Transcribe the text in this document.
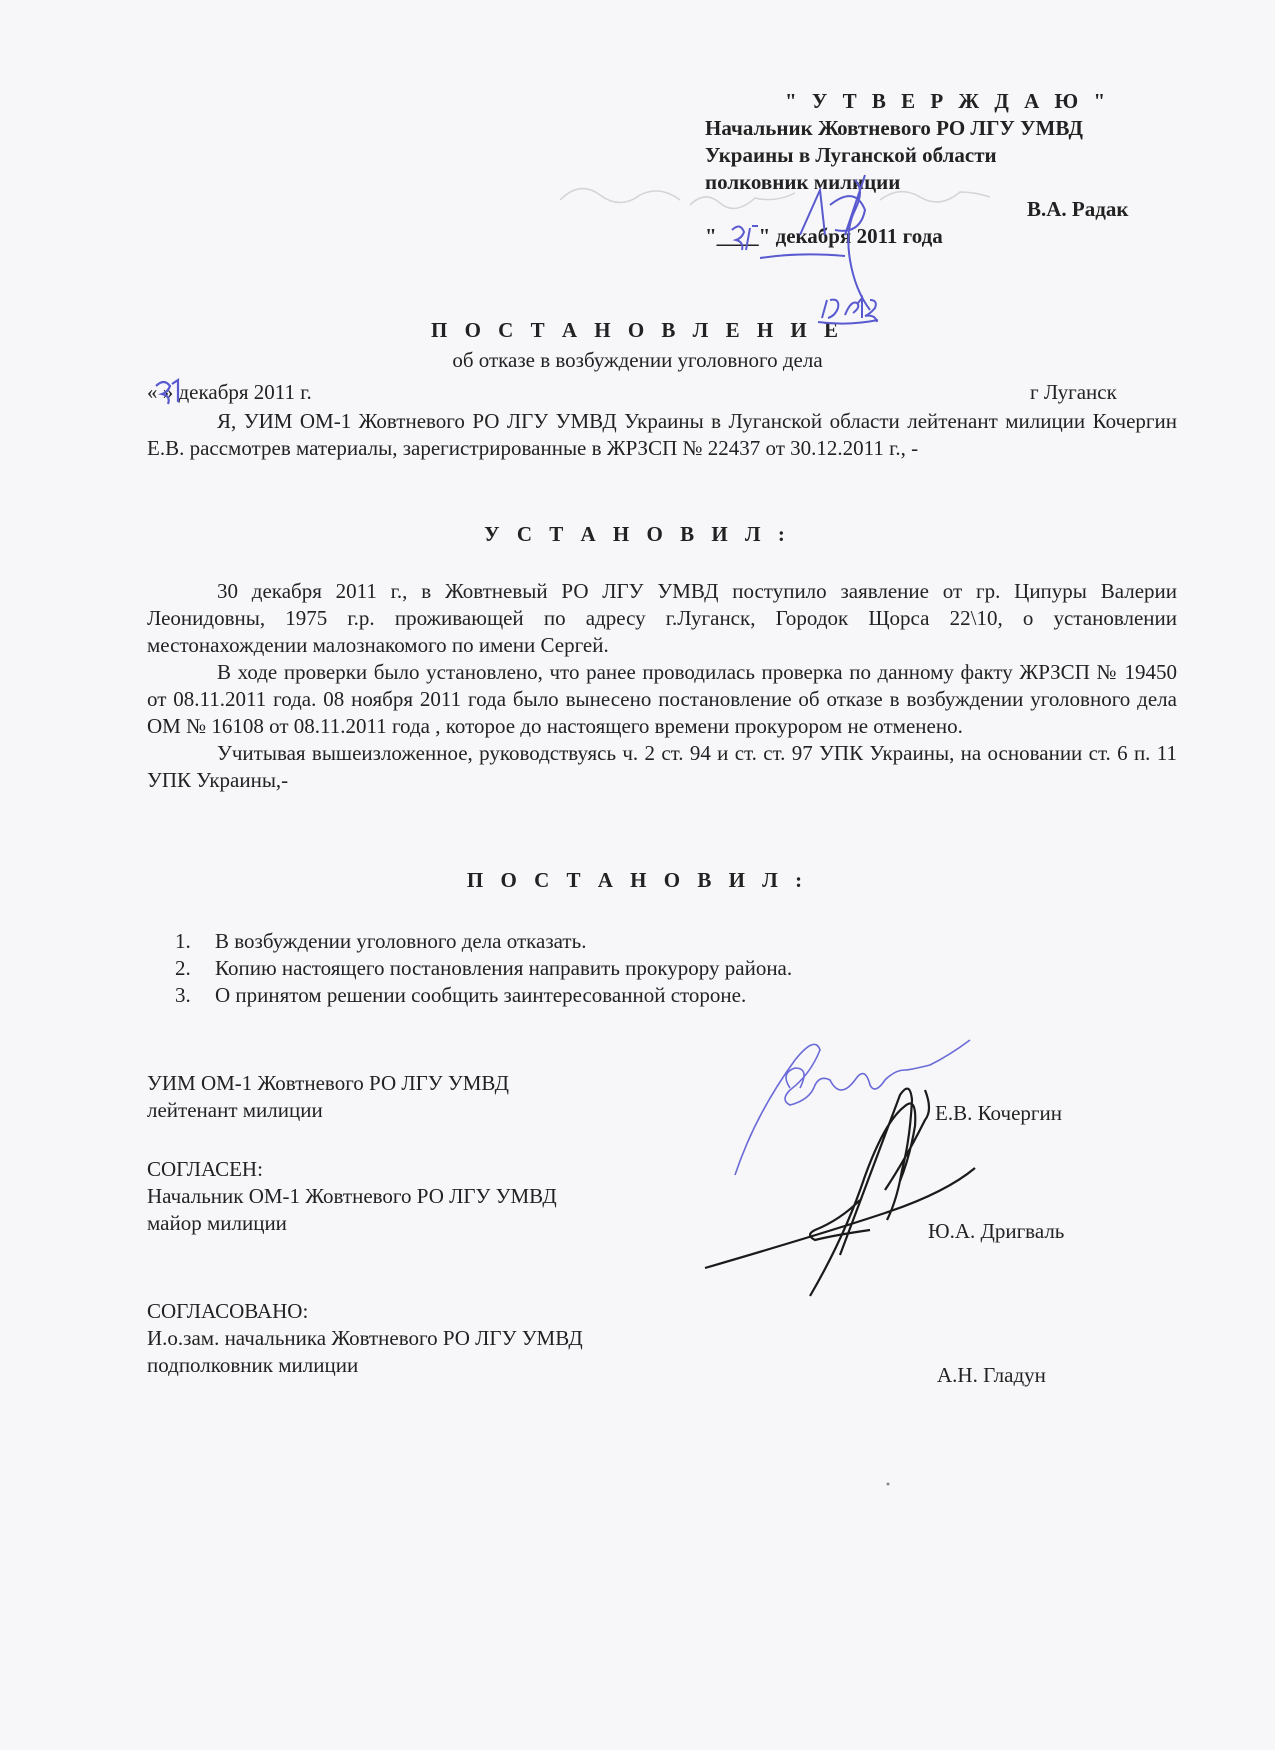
" У Т В Е Р Ж Д А Ю "
Начальник Жовтневого РО ЛГУ УМВД
Украины в Луганской области
полковник милиции
В.А. Радак
"____" декабря 2011 года
П О С Т А Н О В Л Е Н И Е
об отказе в возбуждении уголовного дела
« » декабря 2011 г.	г Луганск

Я, УИМ ОМ-1 Жовтневого РО ЛГУ УМВД Украины в Луганской области лейтенант милиции Кочергин Е.В. рассмотрев материалы, зарегистрированные в ЖРЗСП № 22437 от 30.12.2011 г., -

У С Т А Н О В И Л :

30 декабря 2011 г., в Жовтневый РО ЛГУ УМВД поступило заявление от гр. Ципуры Валерии Леонидовны, 1975 г.р. проживающей по адресу г.Луганск, Городок Щорса 22\10, о установлении местонахождении малознакомого по имени Сергей.

В ходе проверки было установлено, что ранее проводилась проверка по данному факту ЖРЗСП № 19450 от 08.11.2011 года. 08 ноября 2011 года было вынесено постановление об отказе в возбуждении уголовного дела ОМ № 16108 от 08.11.2011 года , которое до настоящего времени прокурором не отменено.

Учитывая вышеизложенное, руководствуясь ч. 2 ст. 94 и ст. ст. 97 УПК Украины, на основании ст. 6 п. 11 УПК Украины,-

П О С Т А Н О В И Л :
1. В возбуждении уголовного дела отказать.
2. Копию настоящего постановления направить прокурору района.
3. О принятом решении сообщить заинтересованной стороне.
УИМ ОМ-1 Жовтневого РО ЛГУ УМВД
лейтенант милиции	Е.В. Кочергин
СОГЛАСЕН:
Начальник ОМ-1 Жовтневого РО ЛГУ УМВД
майор милиции	Ю.А. Дригваль
СОГЛАСОВАНО:
И.о.зам. начальника Жовтневого РО ЛГУ УМВД
подполковник милиции	А.Н. Гладун
